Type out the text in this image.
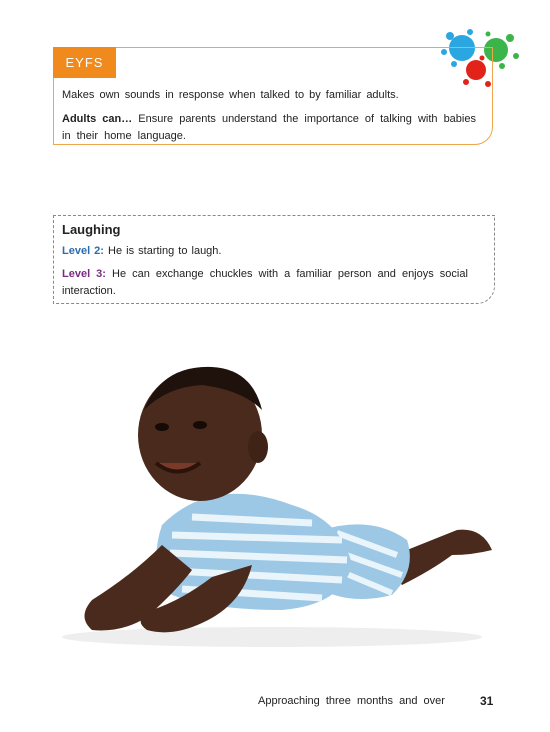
EYFS
Makes own sounds in response when talked to by familiar adults.
Adults can… Ensure parents understand the importance of talking with babies in their home language.
Laughing
Level 2: He is starting to laugh.
Level 3: He can exchange chuckles with a familiar person and enjoys social interaction.
Approaching three months and over	31
